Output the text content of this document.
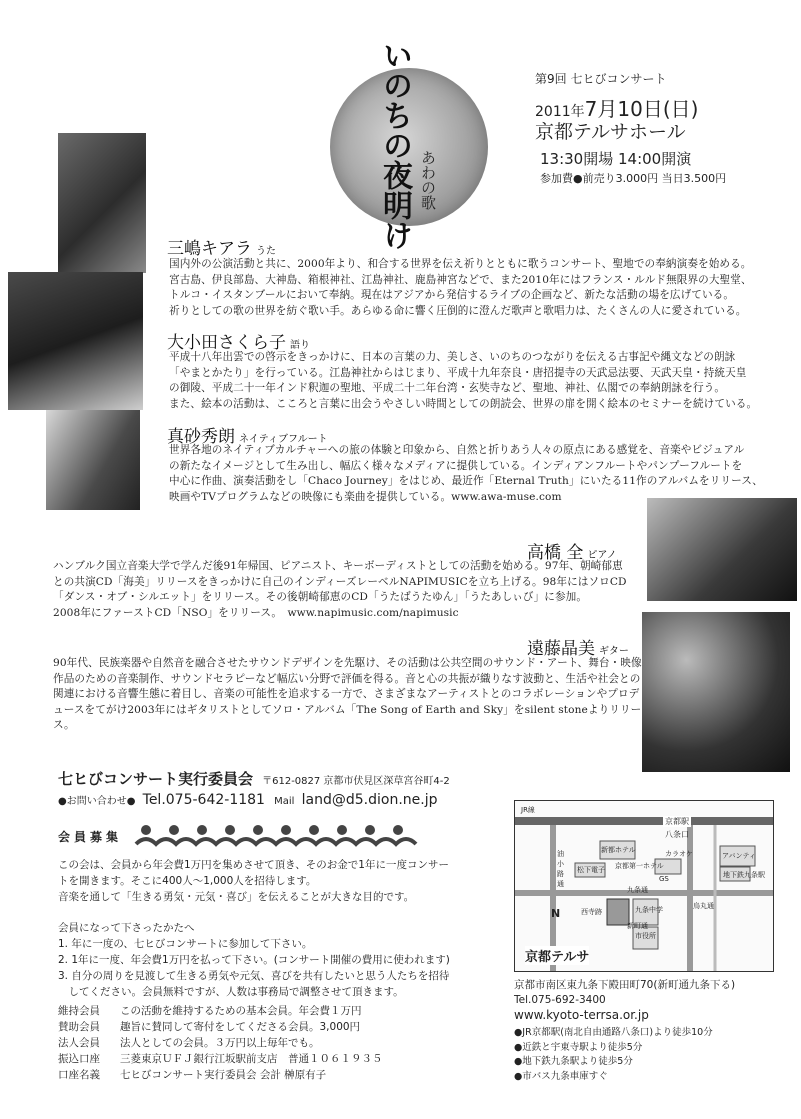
いのちの夜明け あわの歌
第9回 七ヒびコンサート
2011年7月10日(日)
京都テルサホール
13:30開場 14:00開演
参加費●前売り3.000円 当日3.500円
三嶋キアラ うた
国内外の公演活動と共に、2000年より、和合する世界を伝え祈りとともに歌うコンサート、聖地での奉納演奏を始める。
宮古島、伊良部島、大神島、箱根神社、江島神社、鹿島神宮などで、また2010年にはフランス・ルルド無限界の大聖堂、
トルコ・イスタンブールにおいて奉納。現在はアジアから発信するライブの企画など、新たな活動の場を広げている。
祈りとしての歌の世界を紡ぐ歌い手。あらゆる命に響く圧倒的に澄んだ歌声と歌唱力は、たくさんの人に愛されている。
大小田さくら子 語り
平成十八年出雲での啓示をきっかけに、日本の言葉の力、美しさ、いのちのつながりを伝える古事記や縄文などの朗詠
「やまとかたり」を行っている。江島神社からはじまり、平成十九年奈良・唐招提寺の天武忌法要、天武天皇・持統天皇
の御陵、平成二十一年インド釈迦の聖地、平成二十二年台湾・玄奘寺など、聖地、神社、仏閣での奉納朗詠を行う。
また、絵本の活動は、こころと言葉に出会うやさしい時間としての朗読会、世界の扉を開く絵本のセミナーを続けている。
真砂秀朗 ネイティブフルート
世界各地のネイティブカルチャーへの旅の体験と印象から、自然と折りあう人々の原点にある感覚を、音楽やビジュアル
の新たなイメージとして生み出し、幅広く様々なメディアに提供している。インディアンフルートやパンプーフルートを
中心に作曲、演奏活動をし「Chaco Journey」をはじめ、最近作「Eternal Truth」にいたる11作のアルバムをリリース、
映画やTVプログラムなどの映像にも楽曲を提供している。www.awa-muse.com
高橋 全 ピアノ
ハンブルク国立音楽大学で学んだ後91年帰国、ピアニスト、キーボーディストとしての活動を始める。97年、朝崎郁恵
との共演CD「海美」リリースをきっかけに自己のインディーズレーベルNAPIMUSICを立ち上げる。98年にはソロCD
「ダンス・オブ・シルエット」をリリース。その後朝崎郁恵のCD「うたばうたゆん」「うたあしぃび」に参加。
2008年にファーストCD「NSO」をリリース。　www.napimusic.com/napimusic
遠藤晶美 ギター
90年代、民族楽器や自然音を融合させたサウンドデザインを先駆け、その活動は公共空間のサウンド・アート、舞台・映像
作品のための音楽制作、サウンドセラピーなど幅広い分野で評価を得る。音と心の共振が織りなす波動と、生活や社会との
関連における音響生態に着目し、音楽の可能性を追求する一方で、さまざまなアーティストとのコラボレーションやプロデ
ュースをてがけ2003年にはギタリストとしてソロ・アルバム「The Song of Earth and Sky」をsilent stoneよりリリース。
七ヒびコンサート実行委員会 〒612-0827 京都市伏見区深草宮谷町4-2
●お問い合わせ● Tel.075-642-1181 Mail land@d5.dion.ne.jp
会員募集
この会は、会員から年会費1万円を集めさせて頂き、そのお金で1年に一度コンサー
トを開きます。そこに400人～1,000人を招待します。
音楽を通して「生きる勇気・元気・喜び」を伝えることが大きな目的です。
会員になって下さったかたへ
1. 年に一度の、七ヒびコンサートに参加して下さい。
2. 1年に一度、年会費1万円を払って下さい。(コンサート開催の費用に使われます)
3. 自分の周りを見渡して生きる勇気や元気、喜びを共有したいと思う人たちを招待
　してください。会員無料ですが、人数は事務局で調整させて頂きます。
維持会員 この活動を維持するための基本会員。年会費１万円
賛助会員 趣旨に賛同して寄付をしてくださる会員。3,000円
法人会員 法人としての会員。３万円以上毎年でも。
振込口座 三菱東京ＵＦＪ銀行江坂駅前支店　普通１０６１９３５
口座名義 七ヒびコンサート実行委員会 会計 榊原有子
JR線
京都駅
八条口
新都ホテル	カラオケ	アバンティ
油小路通
松下電子 京都第一ホテル
GS
九条通
地下鉄九条駅
西寺跡	九条中学
市役所
新町通
烏丸通
N
京都テルサ
京都市南区東九条下殿田町70(新町通九条下る)
Tel.075-692-3400
www.kyoto-terrsa.or.jp
●JR京都駅(南北自由通路八条口)より徒歩10分
●近鉄と宇東寺駅より徒歩5分
●地下鉄九条駅より徒歩5分
●市バス九条車庫すぐ
